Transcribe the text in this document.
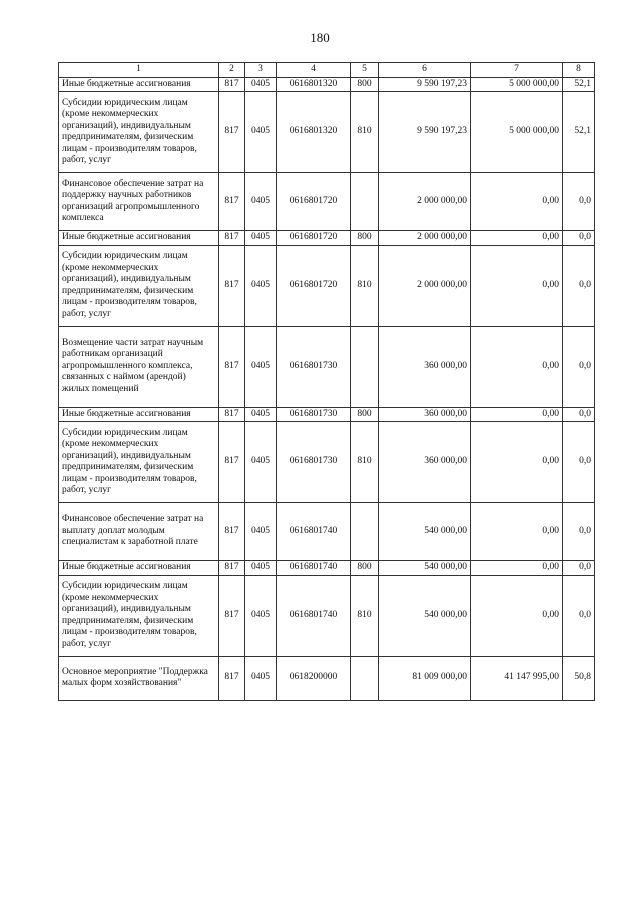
180
1	2	3	4	5	6	7	8
Иные бюджетные ассигнования	817	0405	0616801320	800	9 590 197,23	5 000 000,00	52,1
Субсидии юридическим лицам (кроме некоммерческих организаций), индивидуальным предпринимателям, физическим лицам - производителям товаров, работ, услуг	817	0405	0616801320	810	9 590 197,23	5 000 000,00	52,1
Финансовое обеспечение затрат на поддержку научных работников организаций агропромышленного комплекса	817	0405	0616801720		2 000 000,00	0,00	0,0
Иные бюджетные ассигнования	817	0405	0616801720	800	2 000 000,00	0,00	0,0
Субсидии юридическим лицам (кроме некоммерческих организаций), индивидуальным предпринимателям, физическим лицам - производителям товаров, работ, услуг	817	0405	0616801720	810	2 000 000,00	0,00	0,0
Возмещение части затрат научным работникам организаций агропромышленного комплекса, связанных с наймом (арендой) жилых помещений	817	0405	0616801730		360 000,00	0,00	0,0
Иные бюджетные ассигнования	817	0405	0616801730	800	360 000,00	0,00	0,0
Субсидии юридическим лицам (кроме некоммерческих организаций), индивидуальным предпринимателям, физическим лицам - производителям товаров, работ, услуг	817	0405	0616801730	810	360 000,00	0,00	0,0
Финансовое обеспечение затрат на выплату доплат молодым специалистам к заработной плате	817	0405	0616801740		540 000,00	0,00	0,0
Иные бюджетные ассигнования	817	0405	0616801740	800	540 000,00	0,00	0,0
Субсидии юридическим лицам (кроме некоммерческих организаций), индивидуальным предпринимателям, физическим лицам - производителям товаров, работ, услуг	817	0405	0616801740	810	540 000,00	0,00	0,0
Основное мероприятие "Поддержка малых форм хозяйствования"	817	0405	0618200000		81 009 000,00	41 147 995,00	50,8
